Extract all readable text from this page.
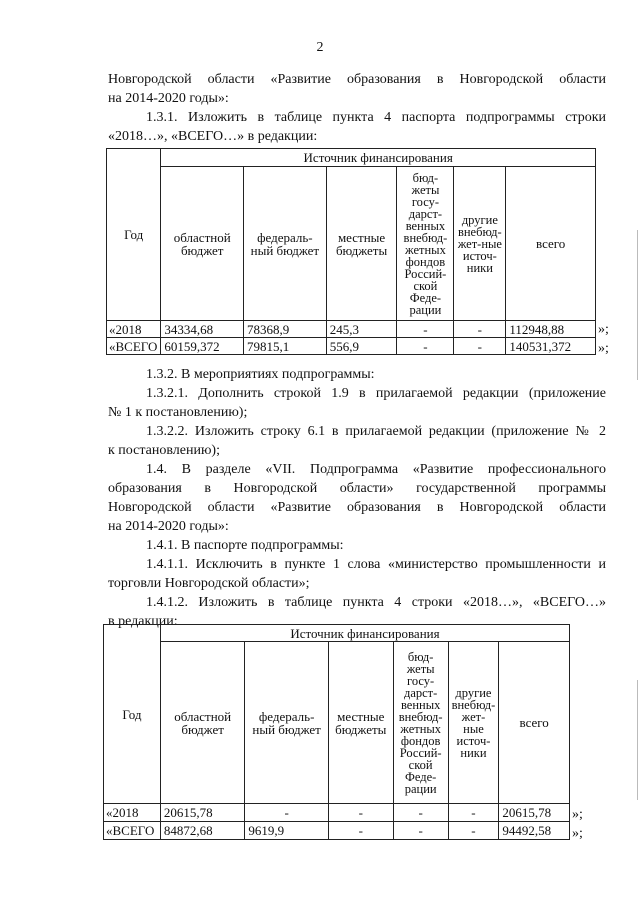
2
Новгородской области «Развитие образования в Новгородской области
на 2014-2020 годы»:
1.3.1. Изложить в таблице пункта 4 паспорта подпрограммы строки
«2018…», «ВСЕГО…» в редакции:
Год	Источник финансирования					
	областной бюджет	федераль-ный бюджет	местные бюджеты	бюд-жеты госу-дарст-венных внебюд-жетных фондов Россий-ской Феде-рации	другие внебюд-жет-ные источ-ники	всего
«2018	34334,68	78368,9	245,3	-	-	112948,88
«ВСЕГО	60159,372	79815,1	556,9	-	-	140531,372
»;
»;
1.3.2. В мероприятиях подпрограммы:
1.3.2.1. Дополнить строкой 1.9 в прилагаемой редакции (приложение
№ 1 к постановлению);
1.3.2.2. Изложить строку 6.1 в прилагаемой редакции (приложение № 2
к постановлению);
1.4. В разделе «VII. Подпрограмма «Развитие профессионального
образования в Новгородской области» государственной программы
Новгородской области «Развитие образования в Новгородской области
на 2014-2020 годы»:
1.4.1. В паспорте подпрограммы:
1.4.1.1. Исключить в пункте 1 слова «министерство промышленности и
торговли Новгородской области»;
1.4.1.2. Изложить в таблице пункта 4 строки «2018…», «ВСЕГО…»
в редакции:
Год	Источник финансирования					
	областной бюджет	федераль-ный бюджет	местные бюджеты	бюд-жеты госу-дарст-венных внебюд-жетных фондов Россий-ской Феде-рации	другие внебюд-жет-ные источ-ники	всего
«2018	20615,78	-	-	-	-	20615,78
«ВСЕГО	84872,68	9619,9	-	-	-	94492,58
»;
»;
